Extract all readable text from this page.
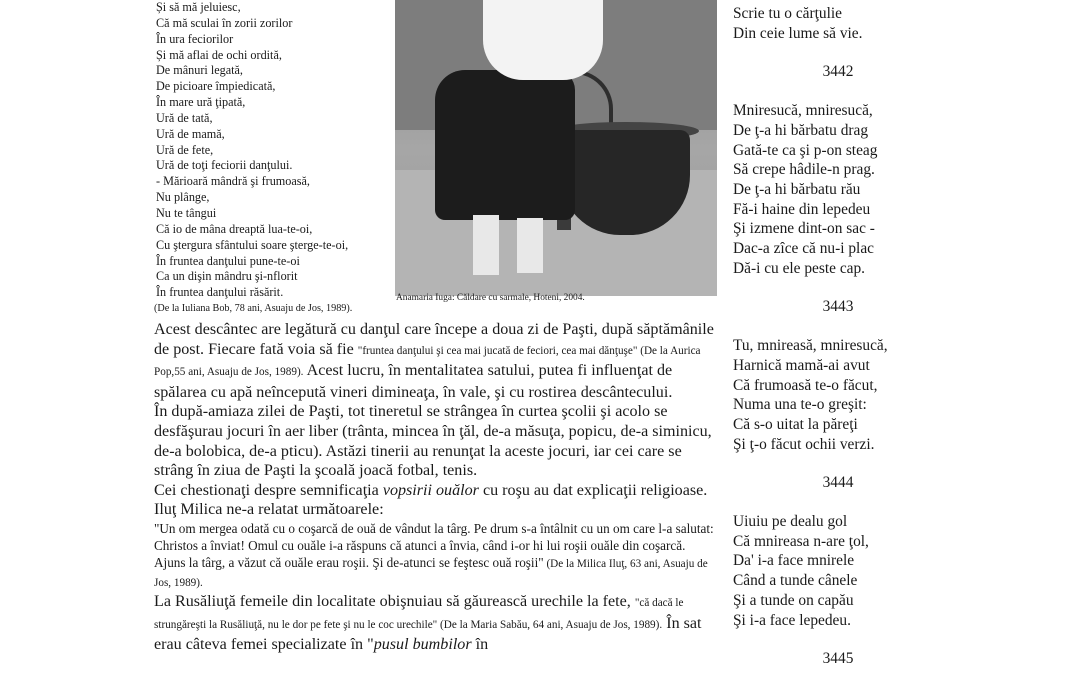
Și să mă jeluiesc,
Că mă sculai în zorii zorilor
În ura feciorilor
Și mă aflai de ochi ordită,
De mânuri legată,
De picioare împiedicată,
În mare ură ţipată,
Ură de tată,
Ură de mamă,
Ură de fete,
Ură de toţi feciorii danţului.
- Mărioară mândră şi frumoasă,
Nu plânge,
Nu te tângui
Că io de mâna dreaptă lua-te-oi,
Cu ştergura sfântului soare şterge-te-oi,
În fruntea danţului pune-te-oi
Ca un dişin mândru şi-nflorit
În fruntea danţului răsărit.
(De la Iuliana Bob, 78 ani, Asuaju de Jos, 1989).
Anamaria Iuga: Căldare cu sarmale, Hoteni, 2004.

Acest descântec are legătură cu danţul care începe a doua zi de Paşti, după săptămânile de post. Fiecare fată voia să fie "fruntea danţului şi cea mai jucată de feciori, cea mai dănţuşe" (De la Aurica Pop,55 ani, Asuaju de Jos, 1989). Acest lucru, în mentalitatea satului, putea fi influenţat de spălarea cu apă neîncepută vineri dimineaţa, în vale, şi cu rostirea descântecului.

În după-amiaza zilei de Paşti, tot tineretul se strângea în curtea şcolii şi acolo se desfăşurau jocuri în aer liber (trânta, mincea în ţăl, de-a măsuţa, popicu, de-a siminicu, de-a bolobica, de-a pticu). Astăzi tinerii au renunţat la aceste jocuri, iar cei care se strâng în ziua de Paşti la şcoală joacă fotbal, tenis.

Cei chestionaţi despre semnificaţia vopsirii ouălor cu roşu au dat explicaţii religioase. Iluţ Milica ne-a relatat următoarele:

"Un om mergea odată cu o coşarcă de ouă de vândut la târg. Pe drum s-a întâlnit cu un om care l-a salutat: Christos a înviat! Omul cu ouăle i-a răspuns că atunci a învia, când i-or hi lui roşii ouăle din coşarcă. Ajuns la târg, a văzut că ouăle erau roşii. Şi de-atunci se feştesc ouă roşii" (De la Milica Iluţ, 63 ani, Asuaju de Jos, 1989).

La Rusăliuţă femeile din localitate obişnuiau să găurească urechile la fete, "că dacă le strungăreşti la Rusăliuţă, nu le dor pe fete şi nu le coc urechile" (De la Maria Sabău, 64 ani, Asuaju de Jos, 1989). În sat erau câteva femei specializate în "pusul bumbilor în

Scrie tu o cărţulie
Din ceie lume să vie.
3442
Mniresucă, mniresucă,
De ţ-a hi bărbatu drag
Gată-te ca şi p-on steag
Să crepe hâdile-n prag.
De ţ-a hi bărbatu rău
Fă-i haine din lepedeu
Şi izmene dint-on sac -
Dac-a zîce că nu-i plac
Dă-i cu ele peste cap.
3443
Tu, mnireasă, mniresucă,
Harnică mamă-ai avut
Că frumoasă te-o făcut,
Numa una te-o greşit:
Că s-o uitat la păreţi
Şi ţ-o făcut ochii verzi.
3444
Uiuiu pe dealu gol
Că mnireasa n-are ţol,
Da' i-a face mnirele
Când a tunde cânele
Şi a tunde on capău
Şi i-a face lepedeu.
3445
